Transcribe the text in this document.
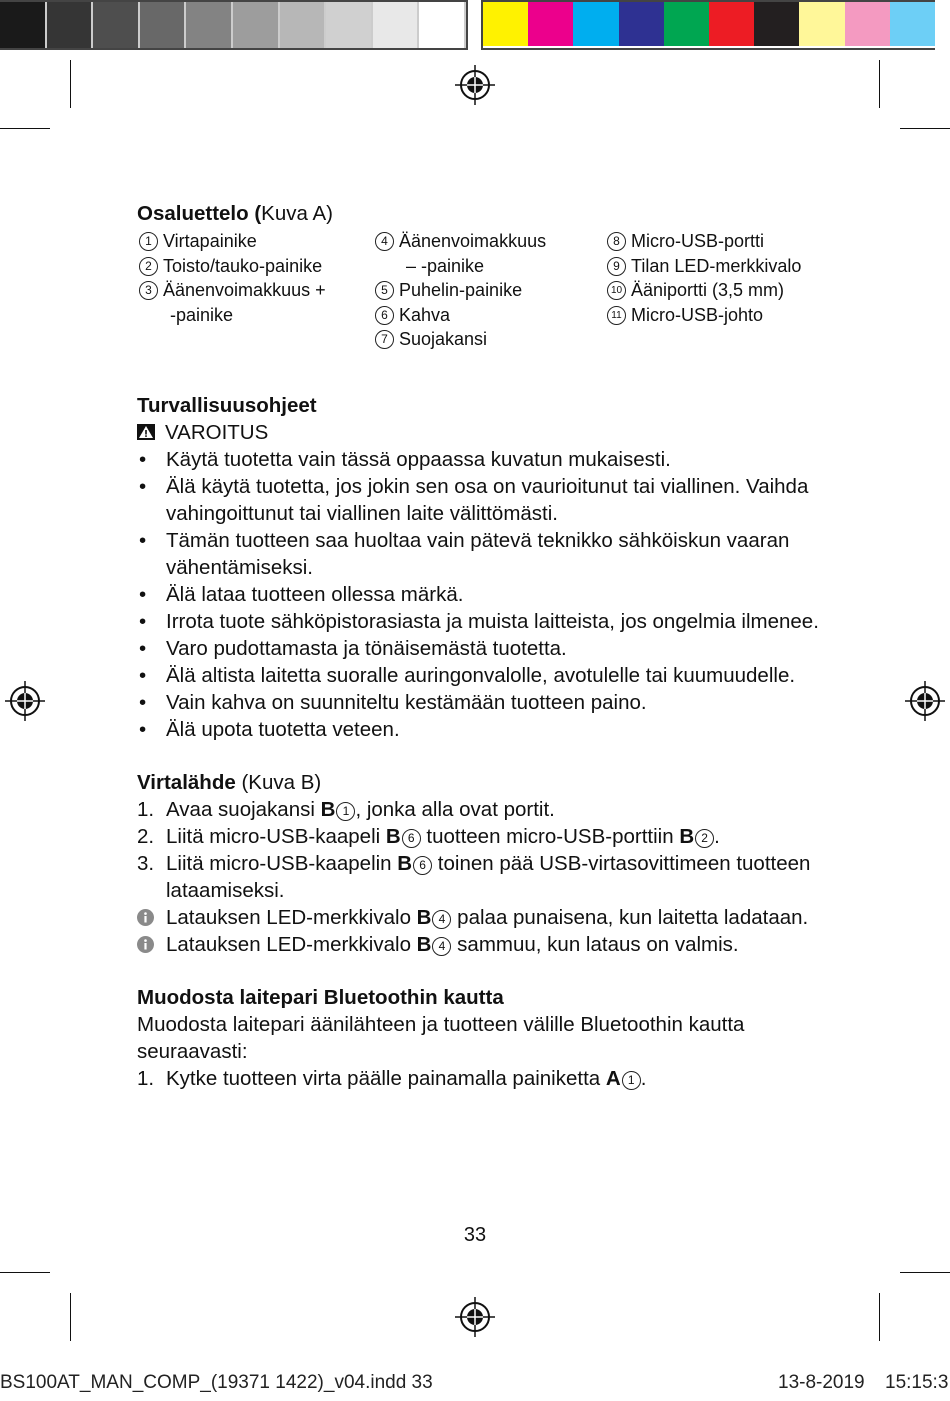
Osaluettelo (Kuva A)
1 Virtapainike
2 Toisto/tauko-painike
3 Äänenvoimakkuus +
-painike
4 Äänenvoimakkuus
– -painike
5 Puhelin-painike
6 Kahva
7 Suojakansi
8 Micro-USB-portti
9 Tilan LED-merkkivalo
10 Ääniportti (3,5 mm)
11 Micro-USB-johto
Turvallisuusohjeet
VAROITUS
• Käytä tuotetta vain tässä oppaassa kuvatun mukaisesti.
• Älä käytä tuotetta, jos jokin sen osa on vaurioitunut tai viallinen. Vaihda vahingoittunut tai viallinen laite välittömästi.
• Tämän tuotteen saa huoltaa vain pätevä teknikko sähköiskun vaaran vähentämiseksi.
• Älä lataa tuotteen ollessa märkä.
• Irrota tuote sähköpistorasiasta ja muista laitteista, jos ongelmia ilmenee.
• Varo pudottamasta ja tönäisemästä tuotetta.
• Älä altista laitetta suoralle auringonvalolle, avotulelle tai kuumuudelle.
• Vain kahva on suunniteltu kestämään tuotteen paino.
• Älä upota tuotetta veteen.
Virtalähde (Kuva B)
1. Avaa suojakansi B 1 , jonka alla ovat portit.
2. Liitä micro-USB-kaapeli B 6 tuotteen micro-USB-porttiin B 2 .
3. Liitä micro-USB-kaapelin B 6 toinen pää USB-virtasovittimeen tuotteen lataamiseksi.
Latauksen LED-merkkivalo B 4 palaa punaisena, kun laitetta ladataan.
Latauksen LED-merkkivalo B 4 sammuu, kun lataus on valmis.
Muodosta laitepari Bluetoothin kautta
Muodosta laitepari äänilähteen ja tuotteen välille Bluetoothin kautta seuraavasti:
1. Kytke tuotteen virta päälle painamalla painiketta A 1 .
33
BS100AT_MAN_COMP_(19371 1422)_v04.indd 33	13-8-2019 15:15:3
